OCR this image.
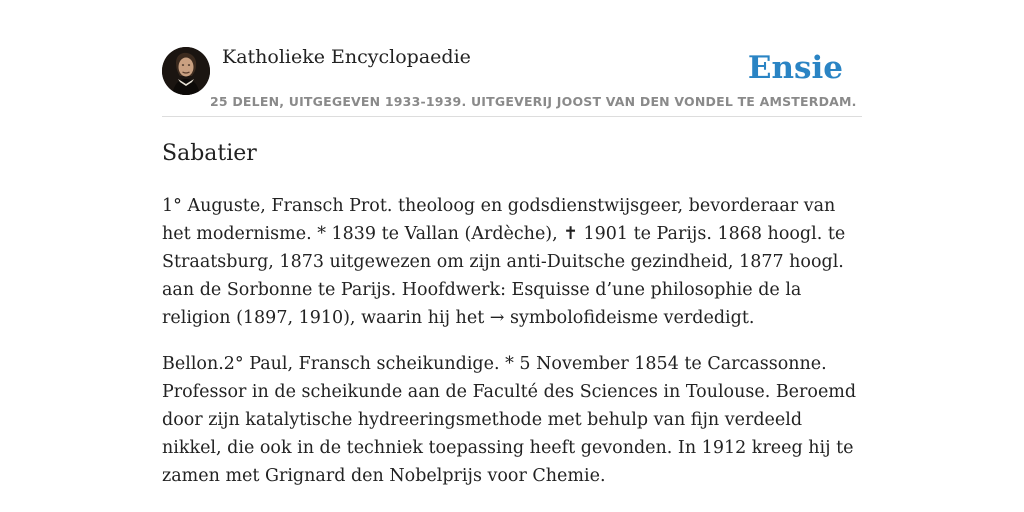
Katholieke Encyclopaedie
25 DELEN, UITGEGEVEN 1933-1939. UITGEVERIJ JOOST VAN DEN VONDEL TE AMSTERDAM.
Ensie
Sabatier

1° Auguste, Fransch Prot. theoloog en godsdienstwijsgeer, bevorderaar van het modernisme. * 1839 te Vallan (Ardèche), ✝ 1901 te Parijs. 1868 hoogl. te Straatsburg, 1873 uitgewezen om zijn anti-Duitsche gezindheid, 1877 hoogl. aan de Sorbonne te Parijs. Hoofdwerk: Esquisse d’une philosophie de la religion (1897, 1910), waarin hij het → symbolofideisme verdedigt.

Bellon.2° Paul, Fransch scheikundige. * 5 November 1854 te Carcassonne. Professor in de scheikunde aan de Faculté des Sciences in Toulouse. Beroemd door zijn katalytische hydreeringsmethode met behulp van fijn verdeeld nikkel, die ook in de techniek toepassing heeft gevonden. In 1912 kreeg hij te zamen met Grignard den Nobelprijs voor Chemie.
